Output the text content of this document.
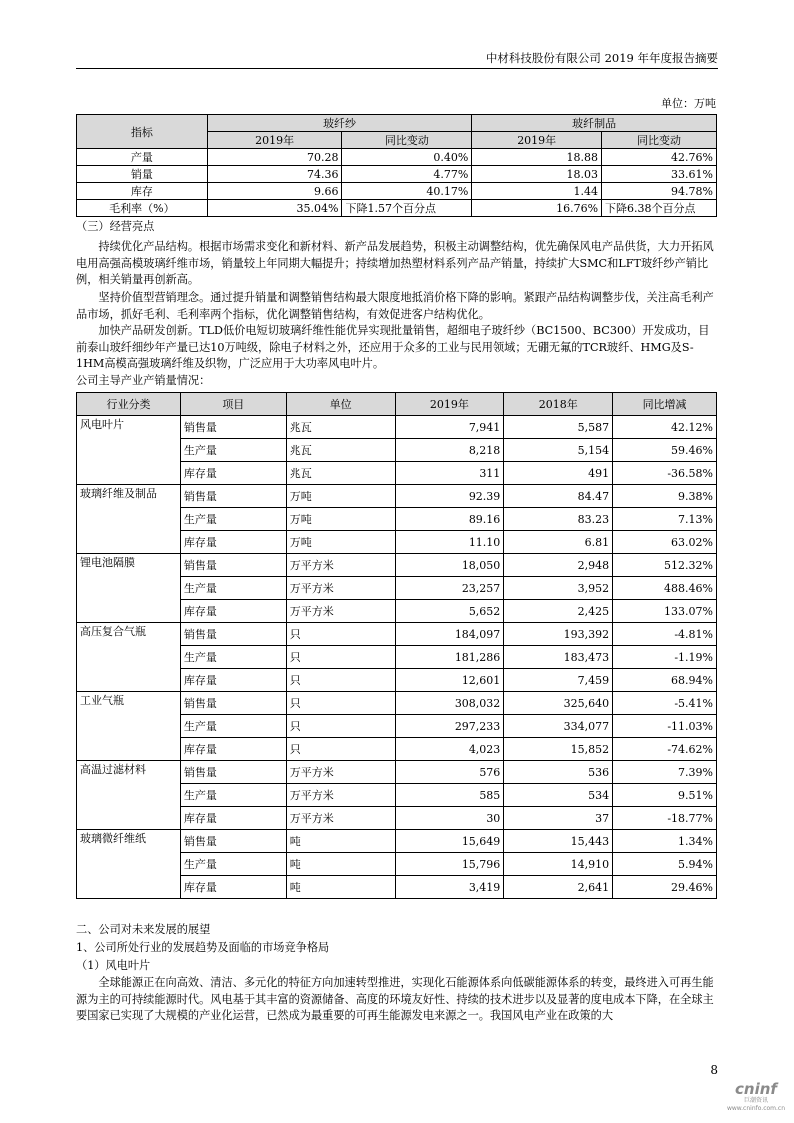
中材科技股份有限公司 2019 年年度报告摘要
单位：万吨
指标	玻纤纱		玻纤制品	
	2019年	同比变动	2019年	同比变动
产量	70.28	0.40%	18.88	42.76%
销量	74.36	4.77%	18.03	33.61%
库存	9.66	40.17%	1.44	94.78%
毛利率（%）	35.04%	下降1.57个百分点	16.76%	下降6.38个百分点
（三）经营亮点
持续优化产品结构。根据市场需求变化和新材料、新产品发展趋势，积极主动调整结构，优先确保风电产品供货，大力开拓风电用高强高模玻璃纤维市场，销量较上年同期大幅提升；持续增加热塑材料系列产品产销量，持续扩大SMC和LFT玻纤纱产销比例，相关销量再创新高。
坚持价值型营销理念。通过提升销量和调整销售结构最大限度地抵消价格下降的影响。紧跟产品结构调整步伐，关注高毛利产品市场，抓好毛利、毛利率两个指标，优化调整销售结构，有效促进客户结构优化。
加快产品研发创新。TLD低价电短切玻璃纤维性能优异实现批量销售，超细电子玻纤纱（BC1500、BC300）开发成功，目前泰山玻纤细纱年产量已达10万吨级，除电子材料之外，还应用于众多的工业与民用领域；无硼无氟的TCR玻纤、HMG及S-1HM高模高强玻璃纤维及织物，广泛应用于大功率风电叶片。
公司主导产业产销量情况：
行业分类	项目	单位	2019年	2018年	同比增减
风电叶片	销售量	兆瓦	7,941	5,587	42.12%
	生产量	兆瓦	8,218	5,154	59.46%
	库存量	兆瓦	311	491	-36.58%
玻璃纤维及制品	销售量	万吨	92.39	84.47	9.38%
	生产量	万吨	89.16	83.23	7.13%
	库存量	万吨	11.10	6.81	63.02%
锂电池隔膜	销售量	万平方米	18,050	2,948	512.32%
	生产量	万平方米	23,257	3,952	488.46%
	库存量	万平方米	5,652	2,425	133.07%
高压复合气瓶	销售量	只	184,097	193,392	-4.81%
	生产量	只	181,286	183,473	-1.19%
	库存量	只	12,601	7,459	68.94%
工业气瓶	销售量	只	308,032	325,640	-5.41%
	生产量	只	297,233	334,077	-11.03%
	库存量	只	4,023	15,852	-74.62%
高温过滤材料	销售量	万平方米	576	536	7.39%
	生产量	万平方米	585	534	9.51%
	库存量	万平方米	30	37	-18.77%
玻璃微纤维纸	销售量	吨	15,649	15,443	1.34%
	生产量	吨	15,796	14,910	5.94%
	库存量	吨	3,419	2,641	29.46%
二、公司对未来发展的展望
1、公司所处行业的发展趋势及面临的市场竞争格局
（1）风电叶片
全球能源正在向高效、清洁、多元化的特征方向加速转型推进，实现化石能源体系向低碳能源体系的转变，最终进入可再生能源为主的可持续能源时代。风电基于其丰富的资源储备、高度的环境友好性、持续的技术进步以及显著的度电成本下降，在全球主要国家已实现了大规模的产业化运营，已然成为最重要的可再生能源发电来源之一。我国风电产业在政策的大
8
cninf
巨潮资讯
www.cninfo.com.cn
